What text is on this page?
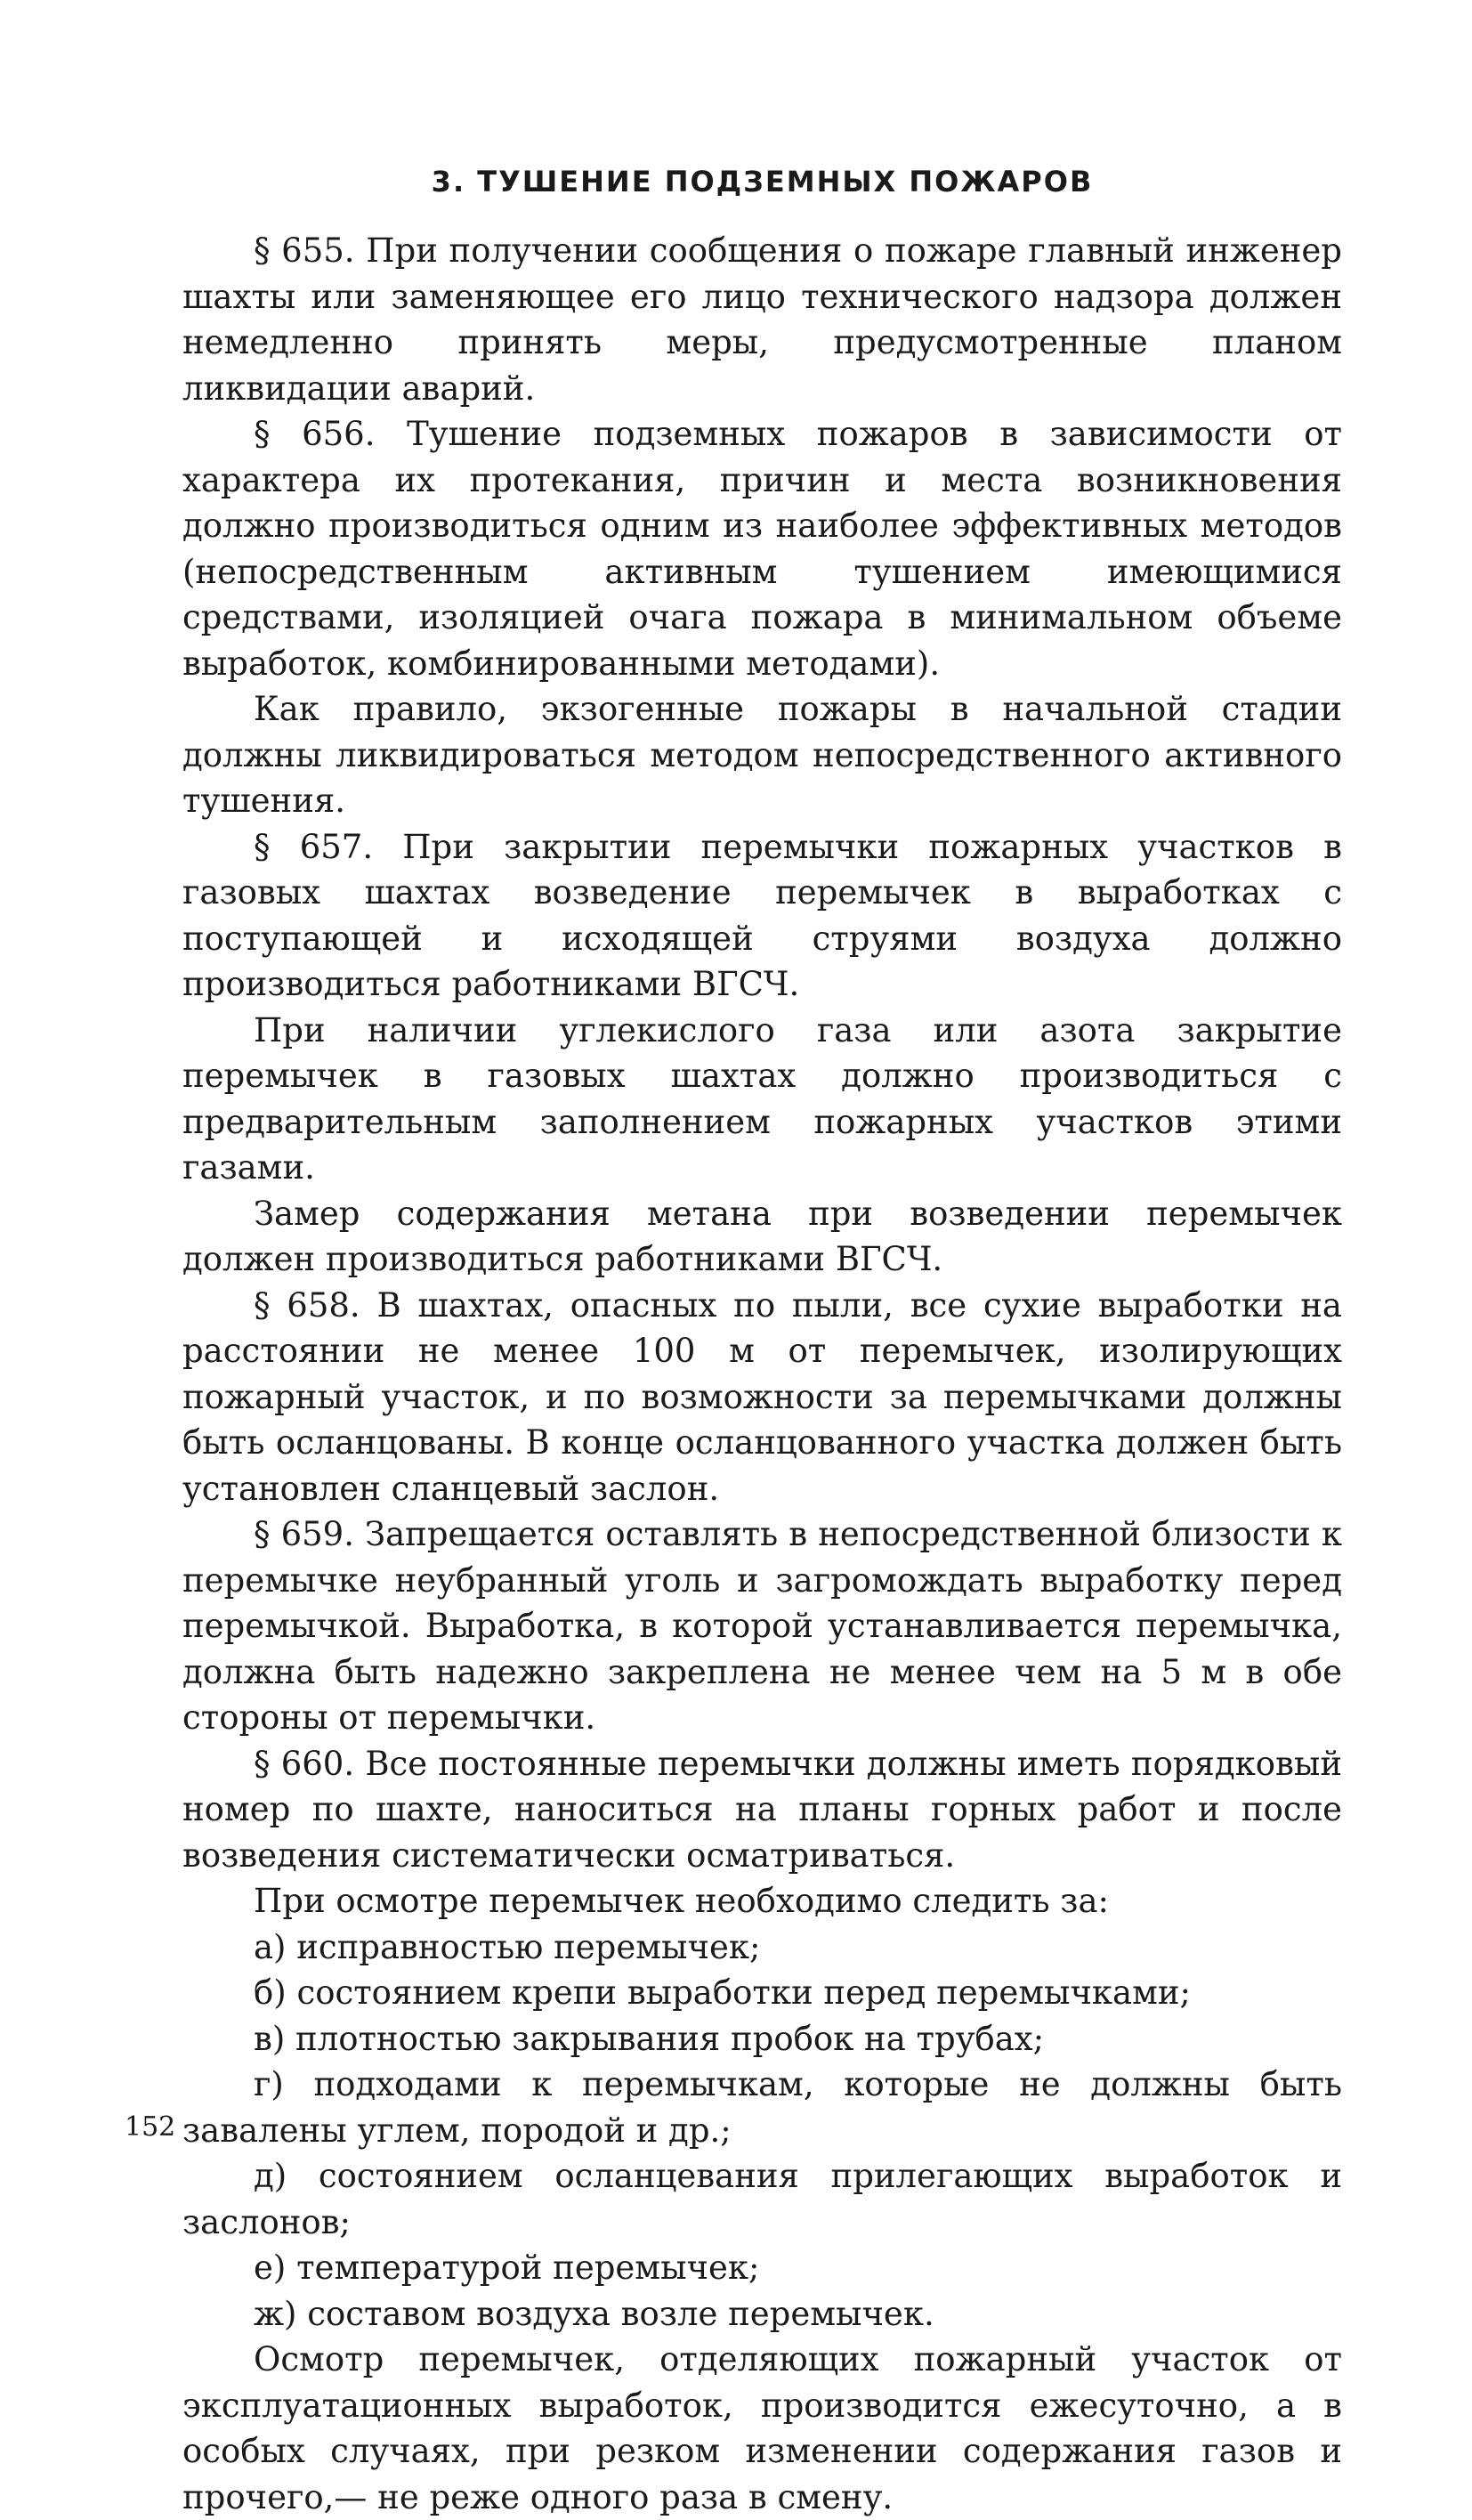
3. ТУШЕНИЕ ПОДЗЕМНЫХ ПОЖАРОВ

§ 655. При получении сообщения о пожаре главный инженер шахты или заменяющее его лицо технического надзора должен немедленно принять меры, предусмотренные планом ликвидации аварий.

§ 656. Тушение подземных пожаров в зависимости от характера их протекания, причин и места возникновения должно производиться одним из наиболее эффективных методов (непосредственным активным тушением имеющимися средствами, изоляцией очага пожара в минимальном объеме выработок, комбинированными методами).

Как правило, экзогенные пожары в начальной стадии должны ликвидироваться методом непосредственного активного тушения.

§ 657. При закрытии перемычки пожарных участков в газовых шахтах возведение перемычек в выработках с поступающей и исходящей струями воздуха должно производиться работниками ВГСЧ.

При наличии углекислого газа или азота закрытие перемычек в газовых шахтах должно производиться с предварительным заполнением пожарных участков этими газами.

Замер содержания метана при возведении перемычек должен производиться работниками ВГСЧ.

§ 658. В шахтах, опасных по пыли, все сухие выработки на расстоянии не менее 100 м от перемычек, изолирующих пожарный участок, и по возможности за перемычками должны быть осланцованы. В конце осланцованного участка должен быть установлен сланцевый заслон.

§ 659. Запрещается оставлять в непосредственной близости к перемычке неубранный уголь и загромождать выработку перед перемычкой. Выработка, в которой устанавливается перемычка, должна быть надежно закреплена не менее чем на 5 м в обе стороны от перемычки.

§ 660. Все постоянные перемычки должны иметь порядковый номер по шахте, наноситься на планы горных работ и после возведения систематически осматриваться.

При осмотре перемычек необходимо следить за:

а) исправностью перемычек;

б) состоянием крепи выработки перед перемычками;

в) плотностью закрывания пробок на трубах;

г) подходами к перемычкам, которые не должны быть завалены углем, породой и др.;

д) состоянием осланцевания прилегающих выработок и заслонов;

е) температурой перемычек;

ж) составом воздуха возле перемычек.

Осмотр перемычек, отделяющих пожарный участок от эксплуатационных выработок, производится ежесуточно, а в особых случаях, при резком изменении содержания газов и прочего,— не реже одного раза в смену.

152
